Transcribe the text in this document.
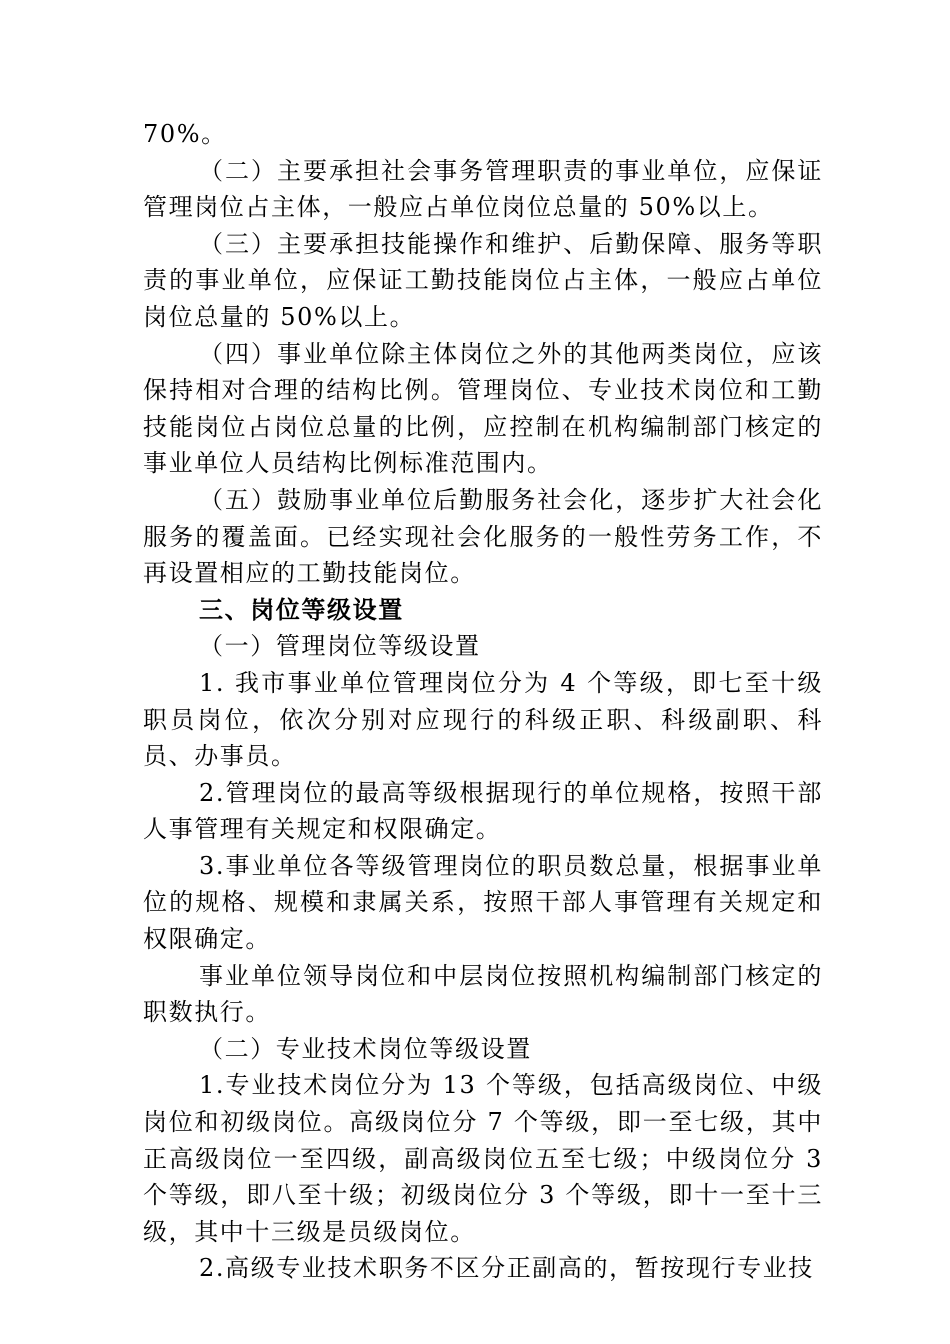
70%。

（二）主要承担社会事务管理职责的事业单位，应保证管理岗位占主体，一般应占单位岗位总量的 50%以上。

（三）主要承担技能操作和维护、后勤保障、服务等职责的事业单位，应保证工勤技能岗位占主体，一般应占单位岗位总量的 50%以上。

（四）事业单位除主体岗位之外的其他两类岗位，应该保持相对合理的结构比例。管理岗位、专业技术岗位和工勤技能岗位占岗位总量的比例，应控制在机构编制部门核定的事业单位人员结构比例标准范围内。

（五）鼓励事业单位后勤服务社会化，逐步扩大社会化服务的覆盖面。已经实现社会化服务的一般性劳务工作，不再设置相应的工勤技能岗位。

三、岗位等级设置

（一）管理岗位等级设置

1. 我市事业单位管理岗位分为 4 个等级，即七至十级职员岗位，依次分别对应现行的科级正职、科级副职、科员、办事员。

2.管理岗位的最高等级根据现行的单位规格，按照干部人事管理有关规定和权限确定。

3.事业单位各等级管理岗位的职员数总量，根据事业单位的规格、规模和隶属关系，按照干部人事管理有关规定和权限确定。

事业单位领导岗位和中层岗位按照机构编制部门核定的职数执行。

（二）专业技术岗位等级设置

1.专业技术岗位分为 13 个等级，包括高级岗位、中级岗位和初级岗位。高级岗位分 7 个等级，即一至七级，其中正高级岗位一至四级，副高级岗位五至七级；中级岗位分 3 个等级，即八至十级；初级岗位分 3 个等级，即十一至十三级，其中十三级是员级岗位。

2.高级专业技术职务不区分正副高的，暂按现行专业技
